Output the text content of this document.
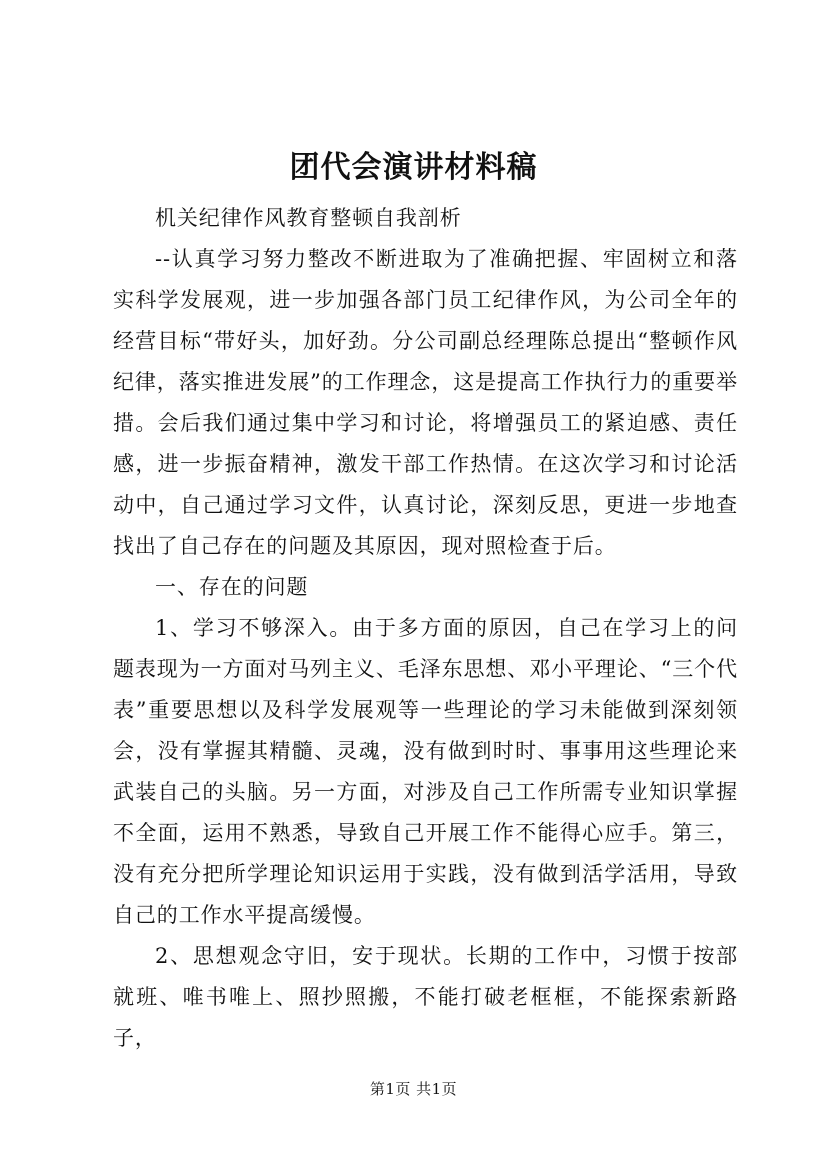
团代会演讲材料稿

机关纪律作风教育整顿自我剖析

--认真学习努力整改不断进取为了准确把握、牢固树立和落实科学发展观，进一步加强各部门员工纪律作风，为公司全年的经营目标“带好头，加好劲。分公司副总经理陈总提出“整顿作风纪律，落实推进发展”的工作理念，这是提高工作执行力的重要举措。会后我们通过集中学习和讨论，将增强员工的紧迫感、责任感，进一步振奋精神，激发干部工作热情。在这次学习和讨论活动中，自己通过学习文件，认真讨论，深刻反思，更进一步地查找出了自己存在的问题及其原因，现对照检查于后。

一、存在的问题

1、学习不够深入。由于多方面的原因，自己在学习上的问题表现为一方面对马列主义、毛泽东思想、邓小平理论、“三个代表”重要思想以及科学发展观等一些理论的学习未能做到深刻领会，没有掌握其精髓、灵魂，没有做到时时、事事用这些理论来武装自己的头脑。另一方面，对涉及自己工作所需专业知识掌握不全面，运用不熟悉，导致自己开展工作不能得心应手。第三，没有充分把所学理论知识运用于实践，没有做到活学活用，导致自己的工作水平提高缓慢。

2、思想观念守旧，安于现状。长期的工作中，习惯于按部就班、唯书唯上、照抄照搬，不能打破老框框，不能探索新路子，

第1页 共1页
